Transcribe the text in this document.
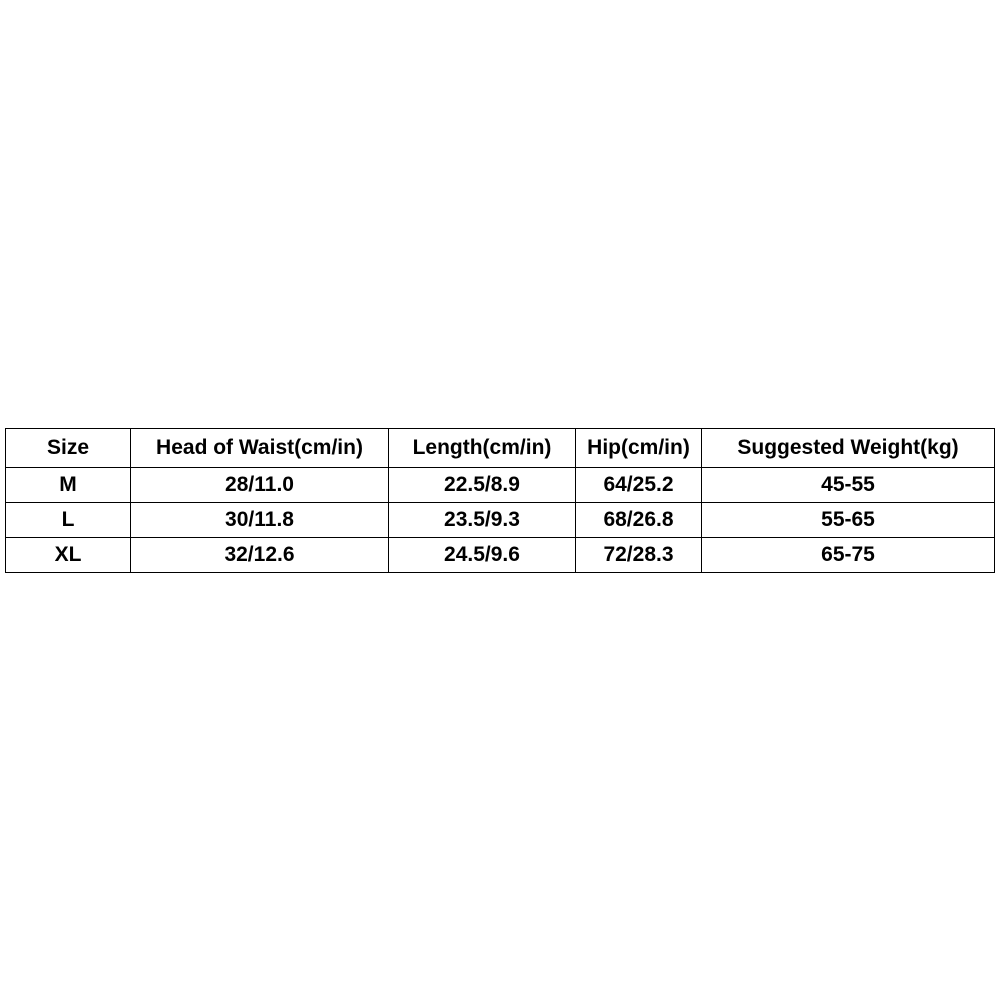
Size	Head of Waist(cm/in)	Length(cm/in)	Hip(cm/in)	Suggested Weight(kg)
M	28/11.0	22.5/8.9	64/25.2	45-55
L	30/11.8	23.5/9.3	68/26.8	55-65
XL	32/12.6	24.5/9.6	72/28.3	65-75
